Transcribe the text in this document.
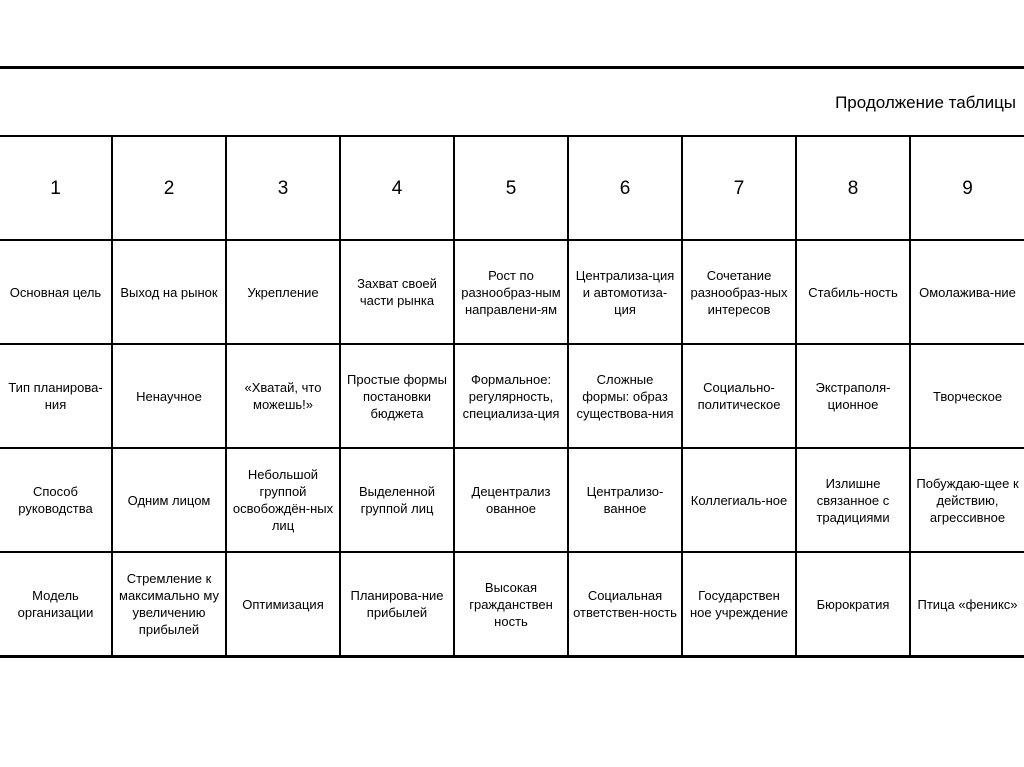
Продолжение таблицы								
1	2	3	4	5	6	7	8	9
Основная цель	Выход на рынок	Укрепление	Захват своей части рынка	Рост по разнообраз-ным направлени-ям	Централиза-ция и автомотиза-ция	Сочетание разнообраз-ных интересов	Стабиль-ность	Омолажива-ние
Тип планирова-ния	Ненаучное	«Хватай, что можешь!»	Простые формы постановки бюджета	Формальное: регулярность, специализа-ция	Сложные формы: образ существова-ния	Социально-политическое	Экстраполя-ционное	Творческое
Способ руководства	Одним лицом	Небольшой группой освобождён-ных лиц	Выделенной группой лиц	Децентрализ ованное	Централизо-ванное	Коллегиаль-ное	Излишне связанное с традициями	Побуждаю-щее к действию, агрессивное
Модель организации	Стремление к максимально му увеличению прибылей	Оптимизация	Планирова-ние прибылей	Высокая гражданствен ность	Социальная ответствен-ность	Государствен ное учреждение	Бюрократия	Птица «феникс»
